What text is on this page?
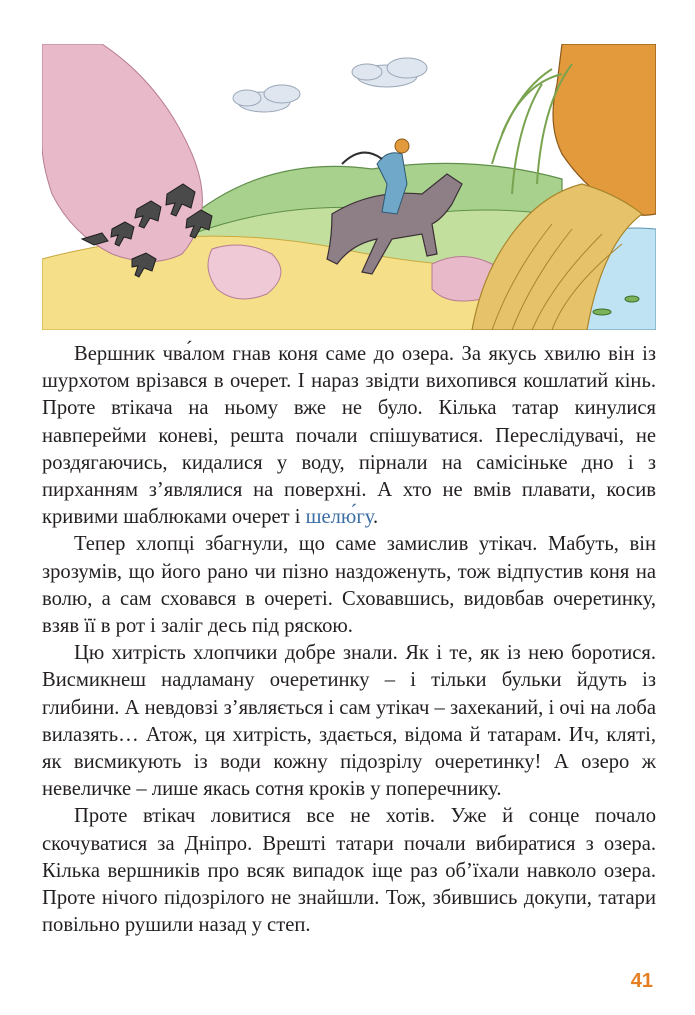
Вершник чва́лом гнав коня саме до озера. За якусь хвилю він із шурхотом врізався в очерет. І нараз звідти вихопився кошлатий кінь. Проте втікача на ньому вже не було. Кілька татар кинулися навперейми коневі, решта почали спішуватися. Переслідувачі, не роздягаючись, кидалися у воду, пірнали на самісіньке дно і з пирханням з’являлися на поверхні. А хто не вмів плавати, косив кривими шаблюками очерет і шелю́гу.

Тепер хлопці збагнули, що саме замислив утікач. Мабуть, він зрозумів, що його рано чи пізно наздоженуть, тож відпустив коня на волю, а сам сховався в очереті. Сховавшись, видовбав очеретинку, взяв її в рот і заліг десь під ряскою.

Цю хитрість хлопчики добре знали. Як і те, як із нею боротися. Висмикнеш надламану очеретинку – і тільки бульки йдуть із глибини. А невдовзі з’являється і сам утікач – захеканий, і очі на лоба вилазять… Атож, ця хитрість, здається, відома й татарам. Ич, кляті, як висмикують із води кожну підозрілу очеретинку! А озеро ж невеличке – лише якась сотня кроків у поперечнику.

Проте втікач ловитися все не хотів. Уже й сонце почало скочуватися за Дніпро. Врешті татари почали вибиратися з озера. Кілька вершників про всяк випадок іще раз об’їхали навколо озера. Проте нічого підозрілого не знайшли. Тож, збившись докупи, татари повільно рушили назад у степ.

41
